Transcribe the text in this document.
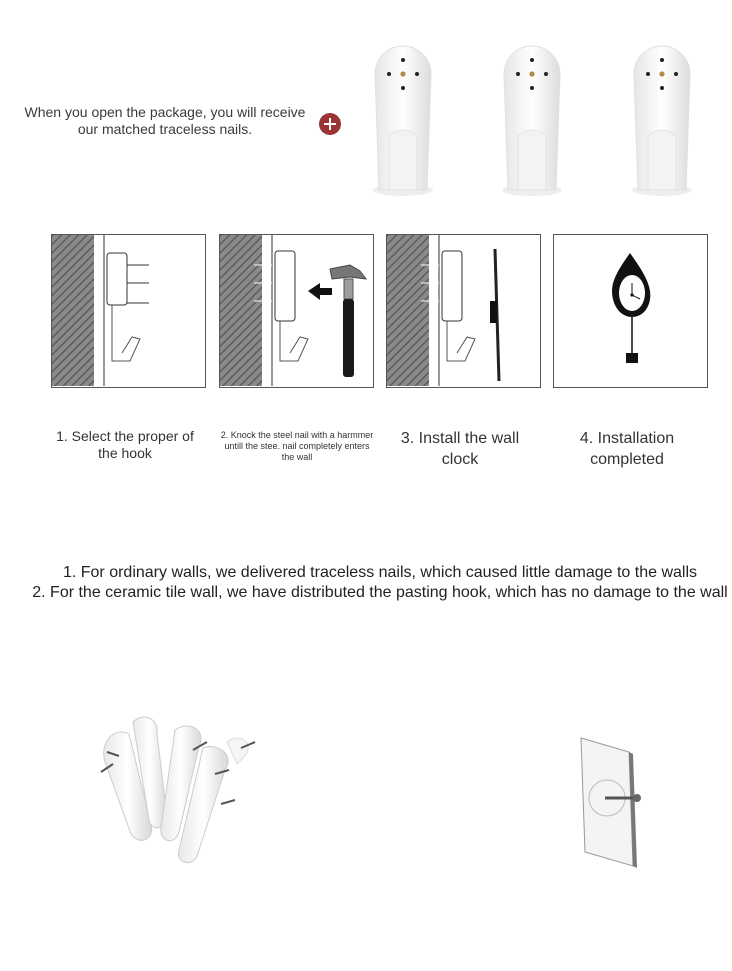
When you open the package, you will receive our matched traceless nails.
1. Select the proper of the hook
2. Knock the steel nail with a harmmer untill the stee. nail completely enters the wall
3. Install the wall clock
4. Installation completed
1. For ordinary walls, we delivered traceless nails, which caused little damage to the walls
2. For the ceramic tile wall, we have distributed the pasting hook, which has no damage to the wall
